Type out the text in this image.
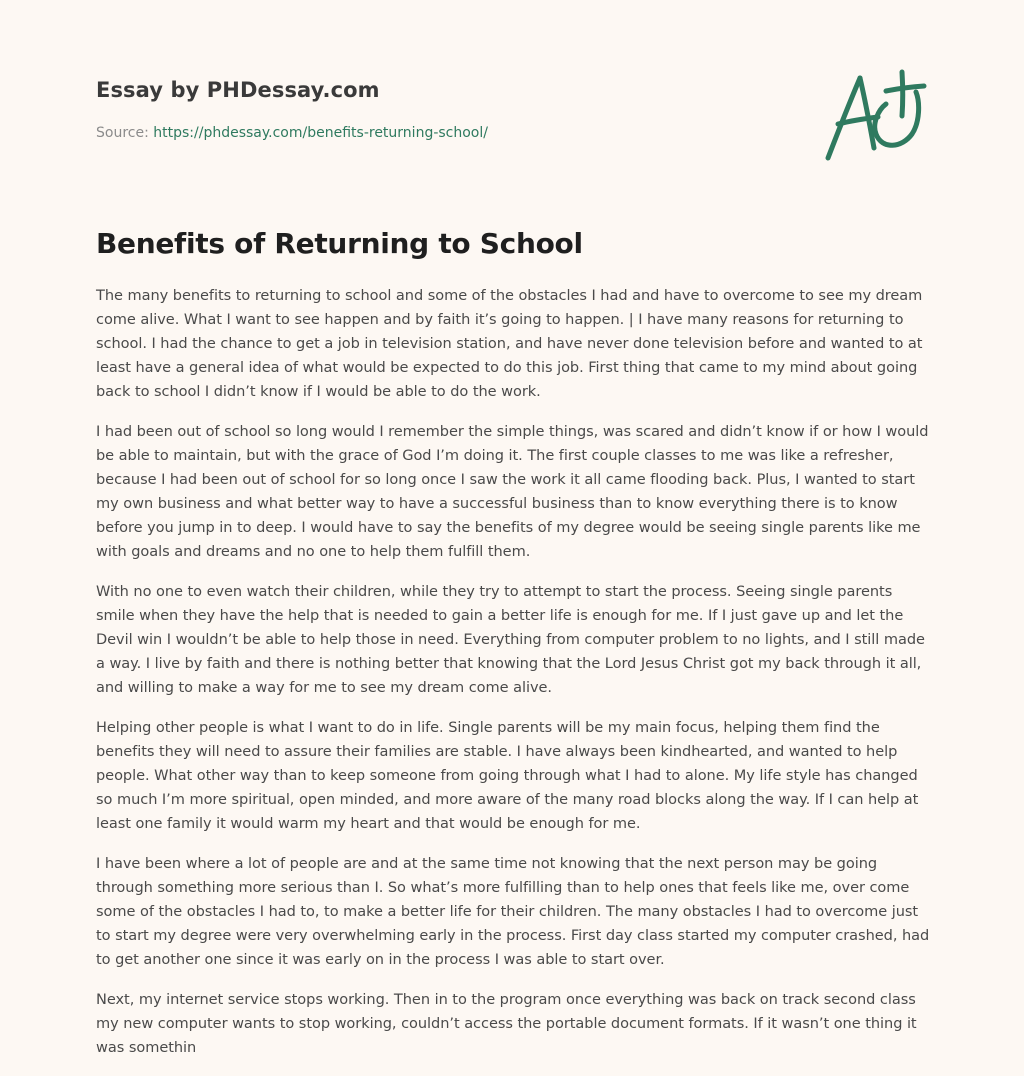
Essay by PHDessay.com
Source: https://phdessay.com/benefits-returning-school/
Benefits of Returning to School

The many benefits to returning to school and some of the obstacles I had and have to overcome to see my dream come alive. What I want to see happen and by faith it’s going to happen. | I have many reasons for returning to school. I had the chance to get a job in television station, and have never done television before and wanted to at least have a general idea of what would be expected to do this job. First thing that came to my mind about going back to school I didn’t know if I would be able to do the work.

I had been out of school so long would I remember the simple things, was scared and didn’t know if or how I would be able to maintain, but with the grace of God I’m doing it. The first couple classes to me was like a refresher, because I had been out of school for so long once I saw the work it all came flooding back. Plus, I wanted to start my own business and what better way to have a successful business than to know everything there is to know before you jump in to deep. I would have to say the benefits of my degree would be seeing single parents like me with goals and dreams and no one to help them fulfill them.

With no one to even watch their children, while they try to attempt to start the process. Seeing single parents smile when they have the help that is needed to gain a better life is enough for me. If I just gave up and let the Devil win I wouldn’t be able to help those in need. Everything from computer problem to no lights, and I still made a way. I live by faith and there is nothing better that knowing that the Lord Jesus Christ got my back through it all, and willing to make a way for me to see my dream come alive.

Helping other people is what I want to do in life. Single parents will be my main focus, helping them find the benefits they will need to assure their families are stable. I have always been kindhearted, and wanted to help people. What other way than to keep someone from going through what I had to alone. My life style has changed so much I’m more spiritual, open minded, and more aware of the many road blocks along the way. If I can help at least one family it would warm my heart and that would be enough for me.

I have been where a lot of people are and at the same time not knowing that the next person may be going through something more serious than I. So what’s more fulfilling than to help ones that feels like me, over come some of the obstacles I had to, to make a better life for their children. The many obstacles I had to overcome just to start my degree were very overwhelming early in the process. First day class started my computer crashed, had to get another one since it was early on in the process I was able to start over.

Next, my internet service stops working. Then in to the program once everything was back on track second class my new computer wants to stop working, couldn’t access the portable document formats. If it wasn’t one thing it was somethin
